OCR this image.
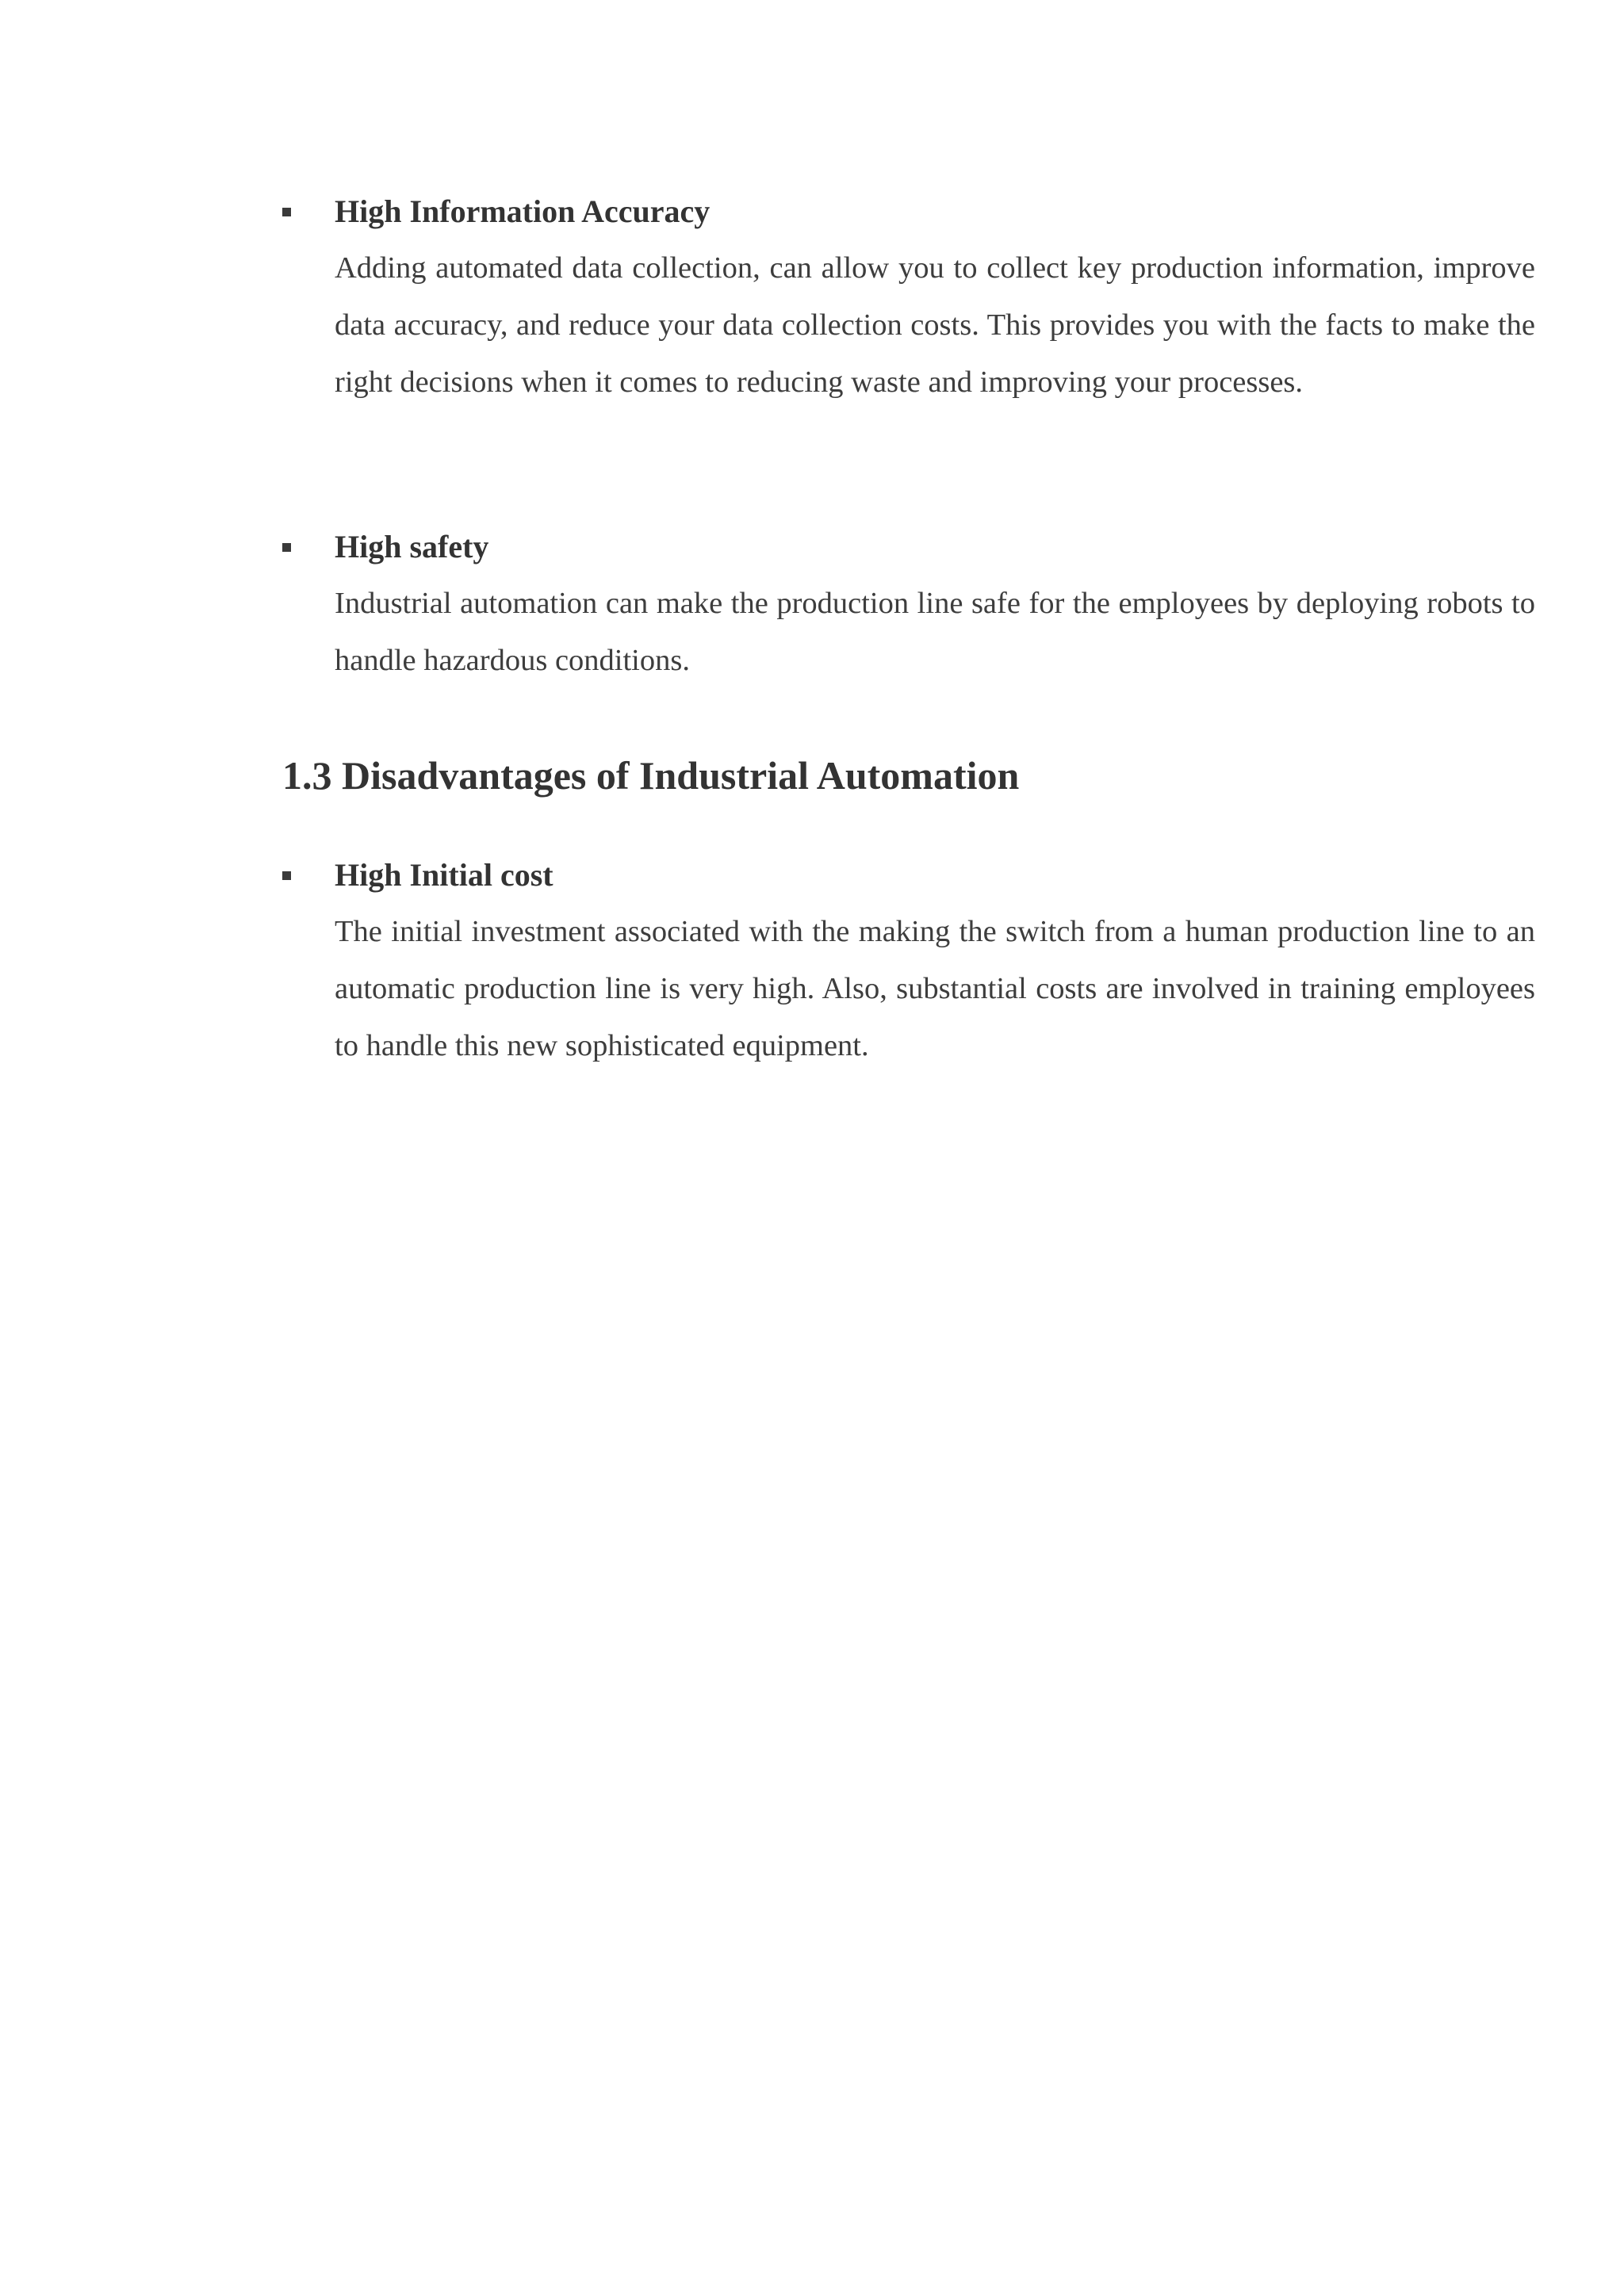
High Information Accuracy
Adding automated data collection, can allow you to collect key production information, improve data accuracy, and reduce your data collection costs. This provides you with the facts to make the right decisions when it comes to reducing waste and improving your processes.
High safety
Industrial automation can make the production line safe for the employees by deploying robots to handle hazardous conditions.
1.3 Disadvantages of Industrial Automation
High Initial cost
The initial investment associated with the making the switch from a human production line to an automatic production line is very high. Also, substantial costs are involved in training employees to handle this new sophisticated equipment.
